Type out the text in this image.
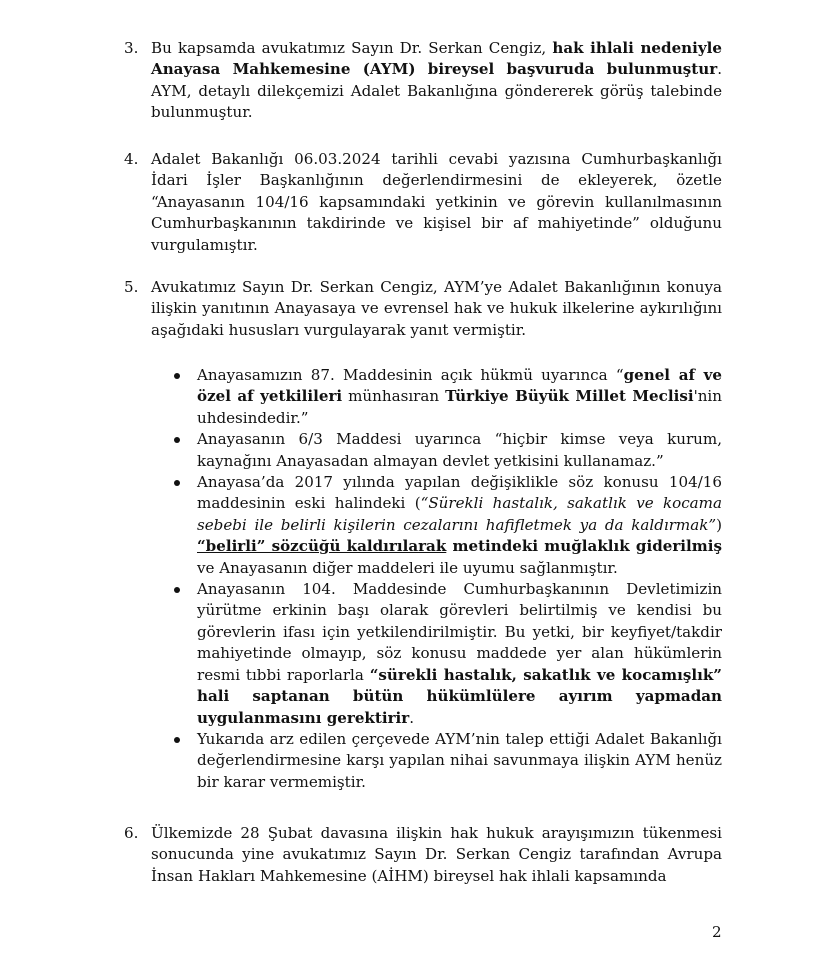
3. Bu kapsamda avukatımız Sayın Dr. Serkan Cengiz, hak ihlali nedeniyle Anayasa Mahkemesine (AYM) bireysel başvuruda bulunmuştur. AYM, detaylı dilekçemizi Adalet Bakanlığına göndererek görüş talebinde bulunmuştur.
4. Adalet Bakanlığı 06.03.2024 tarihli cevabi yazısına Cumhurbaşkanlığı İdari İşler Başkanlığının değerlendirmesini de ekleyerek, özetle “Anayasanın 104/16 kapsamındaki yetkinin ve görevin kullanılmasının Cumhurbaşkanının takdirinde ve kişisel bir af mahiyetinde” olduğunu vurgulamıştır.
5. Avukatımız Sayın Dr. Serkan Cengiz, AYM’ye Adalet Bakanlığının konuya ilişkin yanıtının Anayasaya ve evrensel hak ve hukuk ilkelerine aykırılığını aşağıdaki hususları vurgulayarak yanıt vermiştir.
Anayasamızın 87. Maddesinin açık hükmü uyarınca “genel af ve özel af yetkilileri münhasıran Türkiye Büyük Millet Meclisi'nin uhdesindedir.”
Anayasanın 6/3 Maddesi uyarınca “hiçbir kimse veya kurum, kaynağını Anayasadan almayan devlet yetkisini kullanamaz.”
Anayasa’da 2017 yılında yapılan değişiklikle söz konusu 104/16 maddesinin eski halindeki (“Sürekli hastalık, sakatlık ve kocama sebebi ile belirli kişilerin cezalarını hafifletmek ya da kaldırmak”) “belirli” sözcüğü kaldırılarak metindeki muğlaklık giderilmiş ve Anayasanın diğer maddeleri ile uyumu sağlanmıştır.
Anayasanın 104. Maddesinde Cumhurbaşkanının Devletimizin yürütme erkinin başı olarak görevleri belirtilmiş ve kendisi bu görevlerin ifası için yetkilendirilmiştir. Bu yetki, bir keyfiyet/takdir mahiyetinde olmayıp, söz konusu maddede yer alan hükümlerin resmi tıbbi raporlarla “sürekli hastalık, sakatlık ve kocamışlık” hali saptanan bütün hükümlülere ayırım yapmadan uygulanmasını gerektirir.
Yukarıda arz edilen çerçevede AYM’nin talep ettiği Adalet Bakanlığı değerlendirmesine karşı yapılan nihai savunmaya ilişkin AYM henüz bir karar vermemiştir.
6. Ülkemizde 28 Şubat davasına ilişkin hak hukuk arayışımızın tükenmesi sonucunda yine avukatımız Sayın Dr. Serkan Cengiz tarafından Avrupa İnsan Hakları Mahkemesine (AİHM) bireysel hak ihlali kapsamında
2
